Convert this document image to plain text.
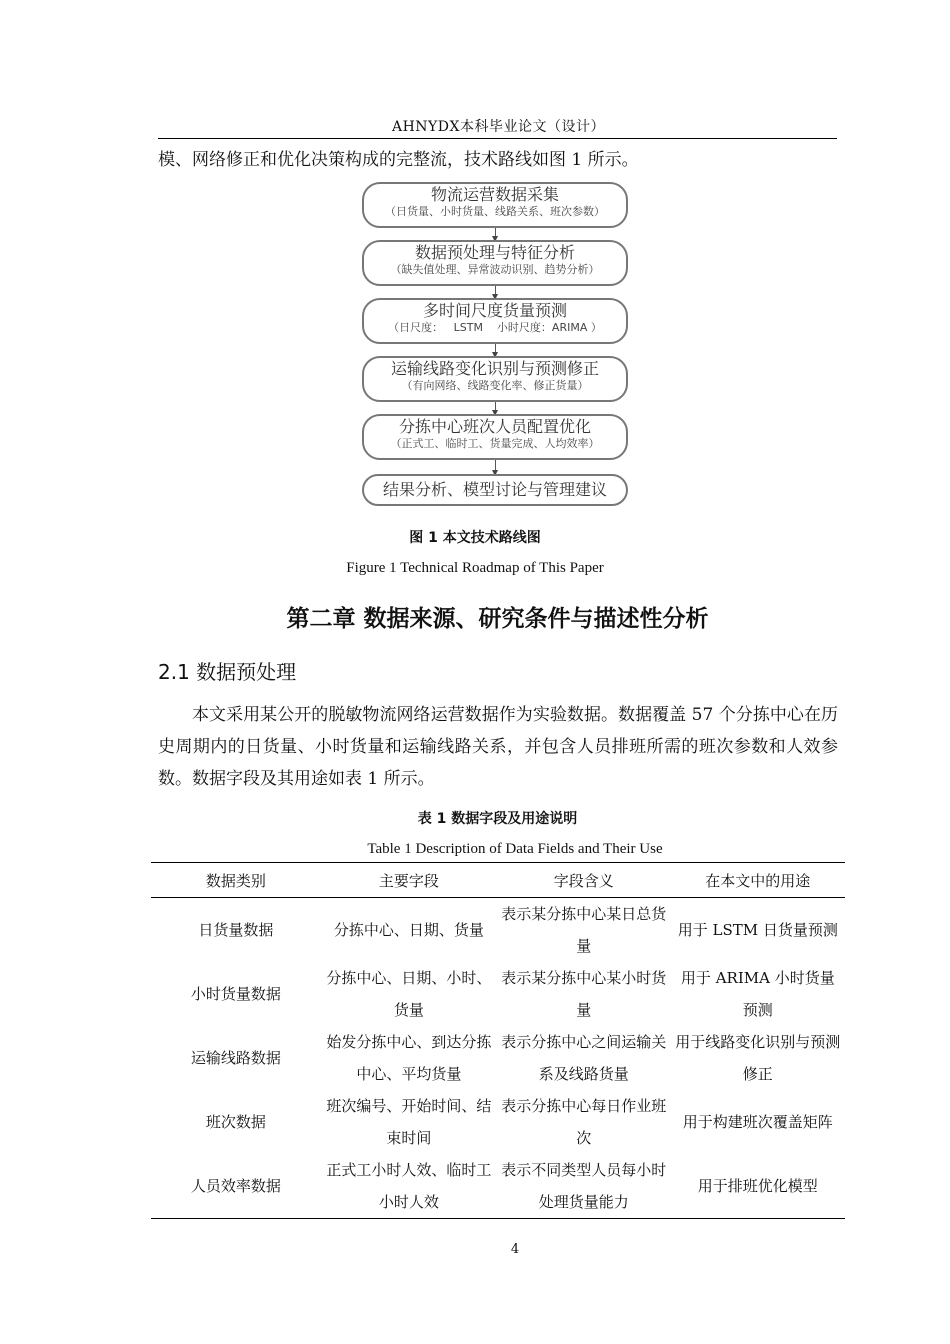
AHNYDX本科毕业论文（设计）
模、网络修正和优化决策构成的完整流，技术路线如图 1 所示。
物流运营数据采集
（日货量、小时货量、线路关系、班次参数）
数据预处理与特征分析
（缺失值处理、异常波动识别、趋势分析）
多时间尺度货量预测
（日尺度：   LSTM    小时尺度：ARIMA ）
运输线路变化识别与预测修正
（有向网络、线路变化率、修正货量）
分拣中心班次人员配置优化
（正式工、临时工、货量完成、人均效率）
结果分析、模型讨论与管理建议
图 1 本文技术路线图
Figure 1 Technical Roadmap of This Paper
第二章 数据来源、研究条件与描述性分析
2.1 数据预处理
本文采用某公开的脱敏物流网络运营数据作为实验数据。数据覆盖 57 个分拣中心在历史周期内的日货量、小时货量和运输线路关系，并包含人员排班所需的班次参数和人效参数。数据字段及其用途如表 1 所示。
表 1 数据字段及用途说明
Table 1 Description of Data Fields and Their Use
数据类别	主要字段	字段含义	在本文中的用途
日货量数据	分拣中心、日期、货量	表示某分拣中心某日总货量	用于 LSTM 日货量预测
小时货量数据	分拣中心、日期、小时、货量	表示某分拣中心某小时货量	用于 ARIMA 小时货量预测
运输线路数据	始发分拣中心、到达分拣中心、平均货量	表示分拣中心之间运输关系及线路货量	用于线路变化识别与预测修正
班次数据	班次编号、开始时间、结束时间	表示分拣中心每日作业班次	用于构建班次覆盖矩阵
人员效率数据	正式工小时人效、临时工小时人效	表示不同类型人员每小时处理货量能力	用于排班优化模型
4
